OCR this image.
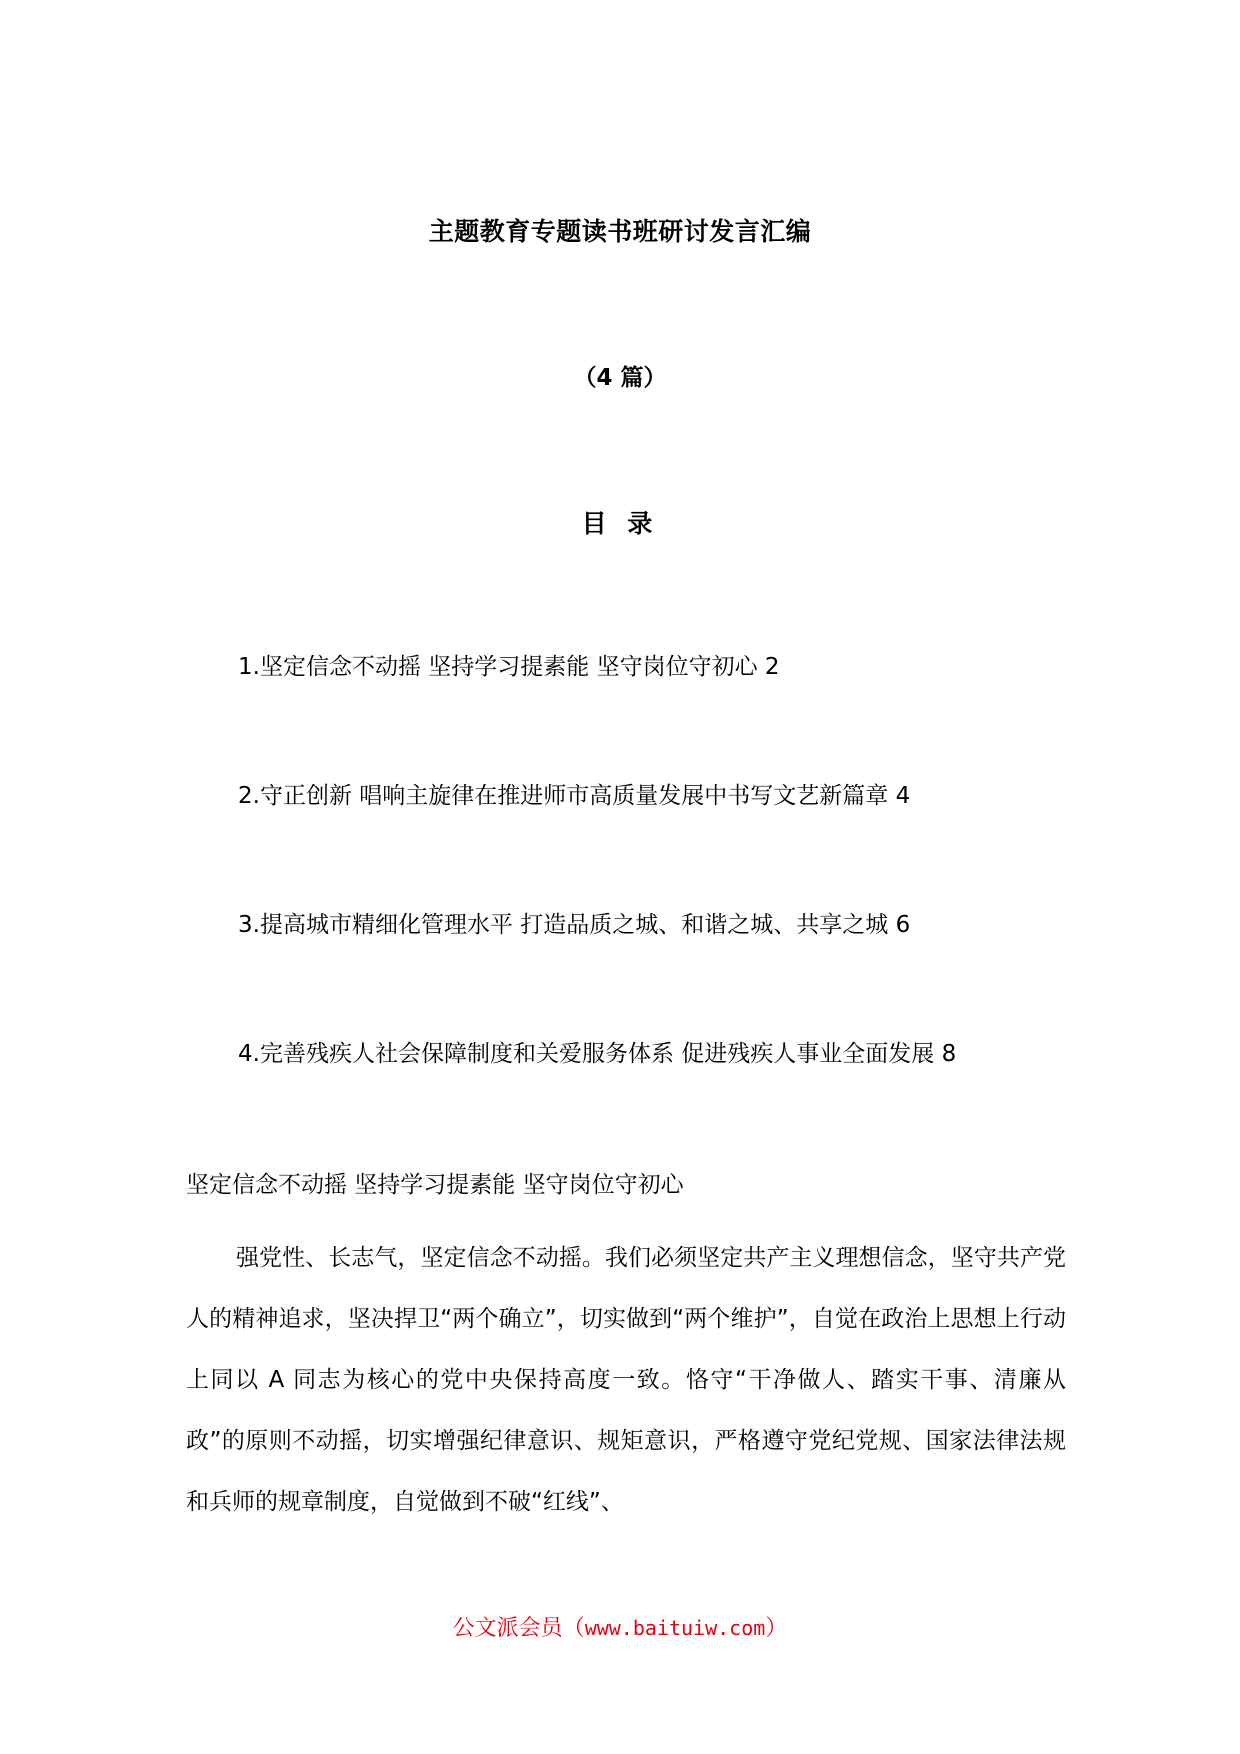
主题教育专题读书班研讨发言汇编
（4 篇）
目 录
1.坚定信念不动摇 坚持学习提素能 坚守岗位守初心 2
2.守正创新 唱响主旋律在推进师市高质量发展中书写文艺新篇章 4
3.提高城市精细化管理水平 打造品质之城、和谐之城、共享之城 6
4.完善残疾人社会保障制度和关爱服务体系 促进残疾人事业全面发展 8
坚定信念不动摇 坚持学习提素能 坚守岗位守初心

强党性、长志气，坚定信念不动摇。我们必须坚定共产主义理想信念，坚守共产党人的精神追求，坚决捍卫“两个确立”，切实做到“两个维护”，自觉在政治上思想上行动上同以 A 同志为核心的党中央保持高度一致。恪守“干净做人、踏实干事、清廉从政”的原则不动摇，切实增强纪律意识、规矩意识，严格遵守党纪党规、国家法律法规和兵师的规章制度，自觉做到不破“红线”、

公文派会员（www.baituiw.com）
